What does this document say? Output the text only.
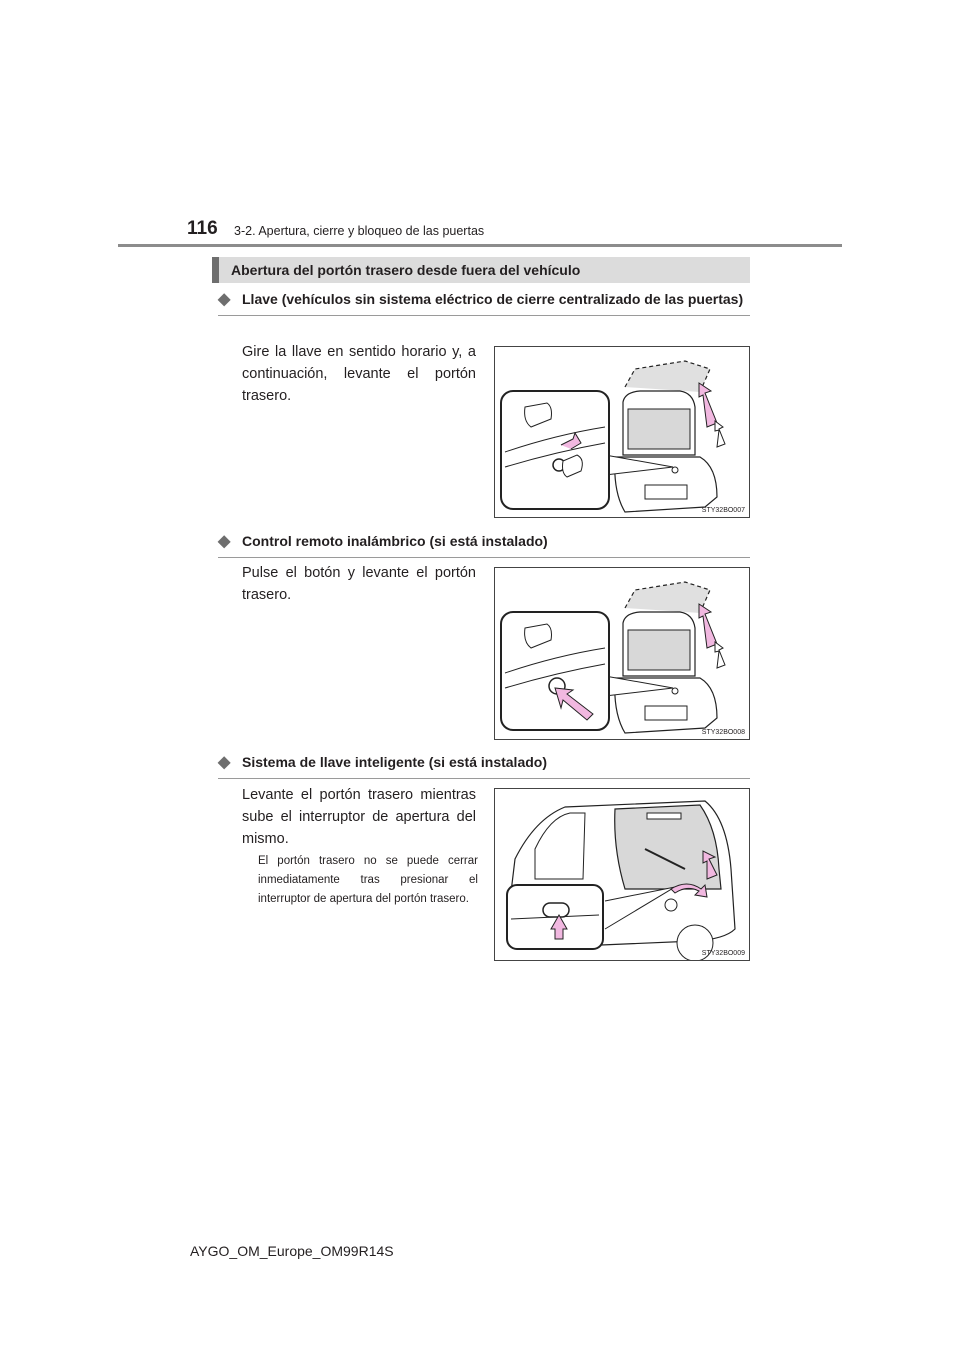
116 3-2. Apertura, cierre y bloqueo de las puertas
Abertura del portón trasero desde fuera del vehículo
◆ Llave (vehículos sin sistema eléctrico de cierre centralizado de las puertas)
Gire la llave en sentido horario y, a continuación, levante el portón trasero.
STY32BO007
◆ Control remoto inalámbrico (si está instalado)
Pulse el botón y levante el portón trasero.
STY32BO008
◆ Sistema de llave inteligente (si está instalado)
Levante el portón trasero mientras sube el interruptor de apertura del mismo.
El portón trasero no se puede cerrar inmediatamente tras presionar el interruptor de apertura del portón trasero.
STY32BO009
AYGO_OM_Europe_OM99R14S
